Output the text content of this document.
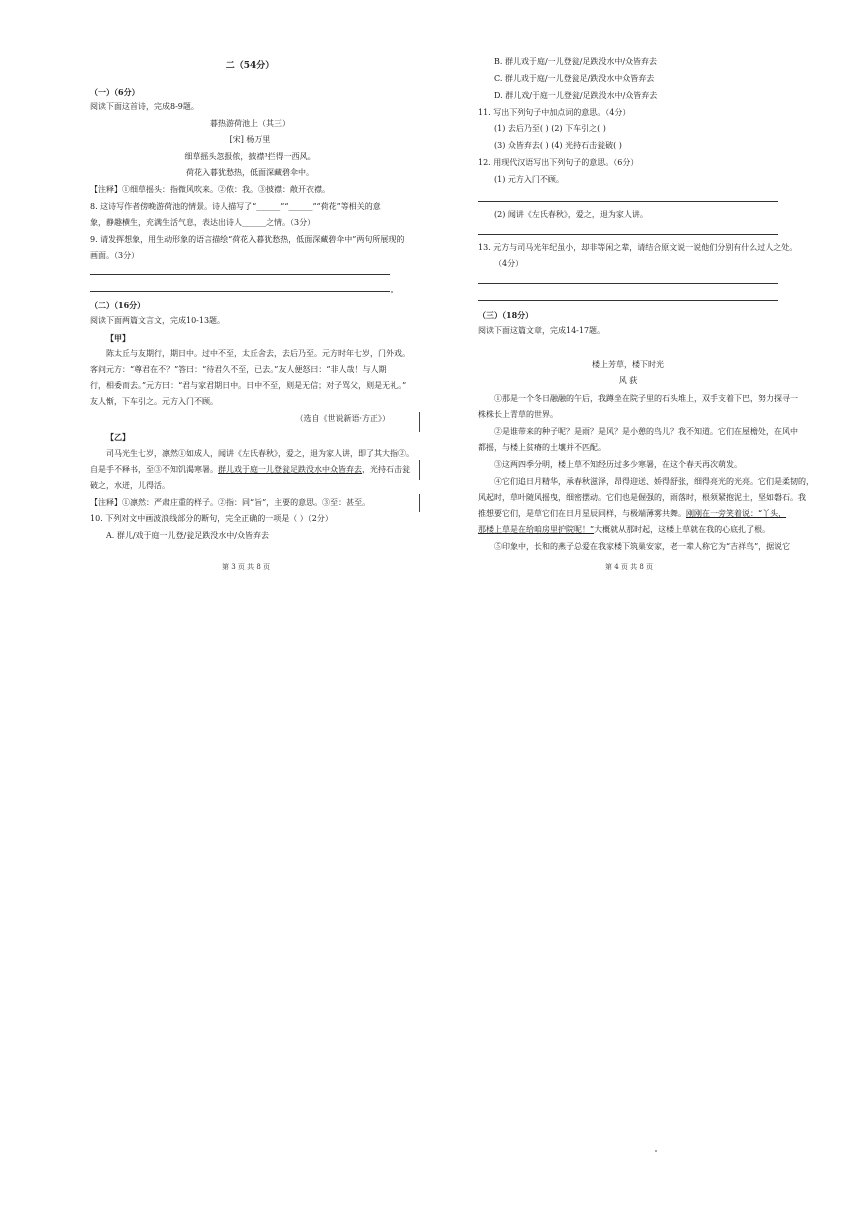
二（54分）
（一）（6分）
阅读下面这首诗，完成8-9题。
暮热游荷池上（其三）
[宋] 杨万里
细草摇头忽报侬，披襟³拦得一西风。
荷花入暮犹愁热，低面深藏碧伞中。
【注释】①细草摇头：指微风吹来。②侬：我。③披襟：敞开衣襟。
8. 这诗写作者傍晚游荷池的情景。诗人描写了“______”“______”“荷花”等相关的意
象，静趣横生，充满生活气息，表达出诗人______之情。（3分）
9. 请发挥想象，用生动形象的语言描绘“荷花入暮犹愁热，低面深藏碧伞中”两句所展现的
画面。（3分）
（二）（16分）
阅读下面两篇文言文，完成10-13题。
【甲】
陈太丘与友期行，期日中。过中不至，太丘舍去，去后乃至。元方时年七岁，门外戏。
客问元方：“尊君在不？”答曰：“待君久不至，已去。”友人便怒曰：“非人哉！与人期
行，相委而去。”元方曰：“君与家君期日中。日中不至，则是无信；对子骂父，则是无礼。”
友人惭，下车引之。元方入门不顾。
（选自《世说新语·方正》）
【乙】
司马光生七岁，凛然①如成人，闻讲《左氏春秋》，爱之，退为家人讲，即了其大指②。
自是手不释书，至③不知饥渴寒暑。群儿戏于庭一儿登瓮足跌没水中众皆弃去，光持石击瓮
破之，水迸，儿得活。
【注释】①凛然：严肃庄重的样子。②指：同“旨”，主要的意思。③至：甚至。
10. 下列对文中画波浪线部分的断句，完全正确的一项是（ ）（2分）
A. 群儿/戏于庭一儿登/瓮足跌没水中/众皆弃去
第 3 页 共 8 页
B. 群儿戏于庭/一儿登瓮/足跌没水中/众皆弃去
C. 群儿戏于庭/一儿登瓮足/跌没水中众皆弃去
D. 群儿戏/于庭一儿登瓮/足跌没水中/众皆弃去
11. 写出下列句子中加点词的意思。（4分）
(1) 去后乃至( ) (2) 下车引之( )
(3) 众皆弃去( ) (4) 光持石击瓮破( )
12. 用现代汉语写出下列句子的意思。（6分）
(1) 元方入门不顾。
(2) 闻讲《左氏春秋》，爱之，退为家人讲。
13. 元方与司马光年纪虽小，却非等闲之辈，请结合原文说一说他们分别有什么过人之处。
（4分）
（三）（18分）
阅读下面这篇文章，完成14-17题。
楼上芳草，楼下时光
风 荻
①那是一个冬日融融的午后，我蹲坐在院子里的石头堆上，双手支着下巴，努力探寻一
株株长上青草的世界。
②是谁带来的种子呢？是雨？是风？是小憩的鸟儿？我不知道。它们在屋檐处，在风中
都摇，与楼上贫瘠的土壤并不匹配。
③这两四季分明，楼上草不知经历过多少寒暑，在这个春天再次萌发。
④它们追日月精华，承春秋滋泽，昂得迎送、娇得舒张，细得亮光的光亮。它们是柔韧的，
风起时，草叶随风摇曳，细密摆动。它们也是倔强的，雨落时，根须紧抱泥土，坚如磐石。我
推想要它们，是草它们在日月星辰同样，与极端薄雾共舞。刚刚在一旁笑着说：“丫头，
那楼上草是在给咱房里护院呢！”大概就从那时起，这楼上草就在我的心底扎了根。
⑤印象中，长和的燕子总爱在我家楼下筑巢安家，老一辈人称它为“吉祥鸟”，据说它
第 4 页 共 8 页
